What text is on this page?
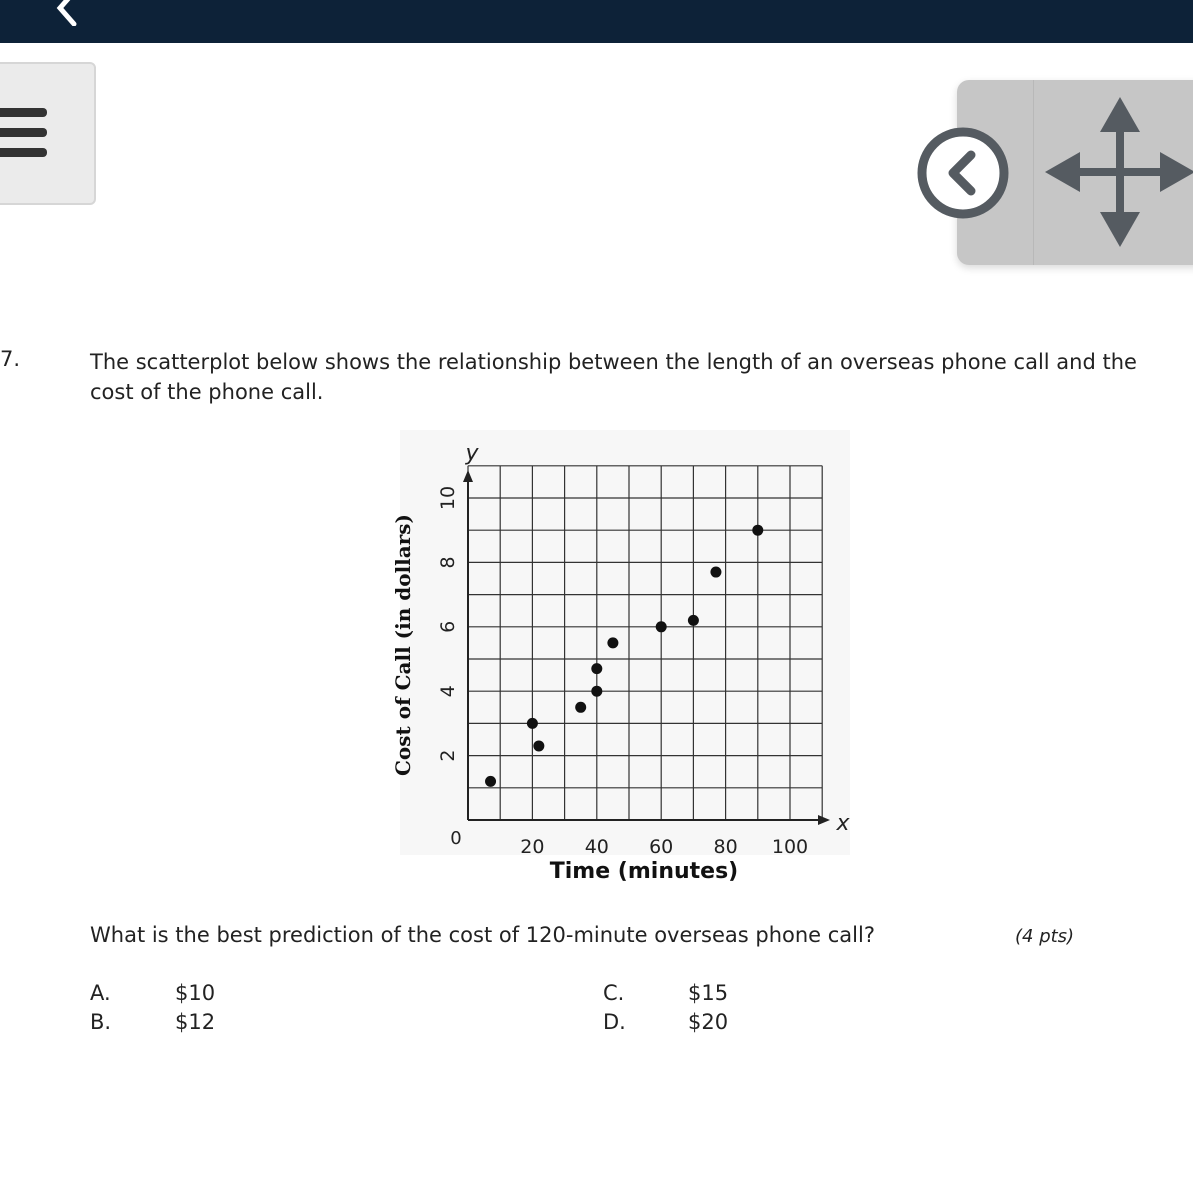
7.	The scatterplot below shows the relationship between the length of an overseas phone call and the cost of the phone call.
y
x
0	20 40 60 80 100
2
4
6
8
10
Time (minutes)
Cost of Call (in dollars)
What is the best prediction of the cost of 120-minute overseas phone call?	(4 pts)
A.	$10
B.	$12
C.	$15
D.	$20
